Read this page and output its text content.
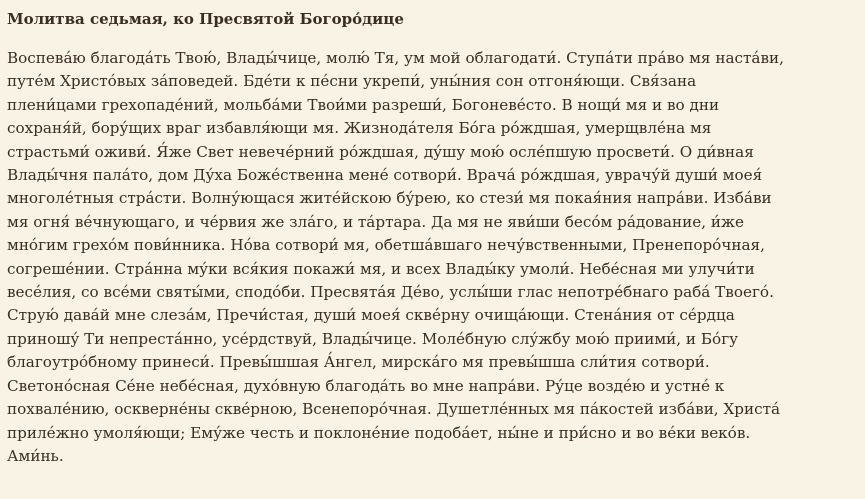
Молитва седьмая, ко Пресвятой Богоро́дице

Воспева́ю благода́ть Твою́, Влады́чице, молю́ Тя, ум мой облагодати́. Ступа́ти пра́во мя наста́ви,
путе́м Христо́вых за́поведей. Бде́ти к пе́сни укрепи́, уны́ния сон отгоня́ющи. Свя́зана
плени́цами грехопаде́ний, мольба́ми Твои́ми разреши́, Богоневе́сто. В нощи́ мя и во дни
сохраня́й, бору́щих враг избавля́ющи мя. Жизнода́теля Бо́га ро́ждшая, умерщвле́на мя
страстьми́ оживи́. Я́же Свет невече́рний ро́ждшая, ду́шу мою́ осле́пшую просвети́. О ди́вная
Влады́чня пала́то, дом Ду́ха Боже́ственна мене́ сотвори́. Врача́ ро́ждшая, уврачу́й души́ моея́
многоле́тныя стра́сти. Волну́ющася жите́йскою бу́рею, ко стези́ мя покая́ния напра́ви. Изба́ви
мя огня́ ве́чнующаго, и че́рвия же зла́го, и та́ртара. Да мя не яви́ши бесо́м ра́дование, и́же
мно́гим грехо́м пови́нника. Но́ва сотвори́ мя, обетша́вшаго нечу́вственными, Пренепоро́чная,
согреше́нии. Стра́нна му́ки вся́кия покажи́ мя, и всех Влады́ку умоли́. Небе́сная ми улучи́ти
весе́лия, со все́ми святы́ми, сподо́би. Пресвята́я Де́во, услы́ши глас непотре́бнаго раба́ Твоего́.
Струю́ дава́й мне слеза́м, Пречи́стая, души́ моея́ скве́рну очища́ющи. Стена́ния от се́рдца
приношу́ Ти непреста́нно, усе́рдствуй, Влады́чице. Моле́бную слу́жбу мою́ приими́, и Бо́гу
благоутро́бному принеси́. Превы́шшая А́нгел, мирска́го мя превы́шша сли́тия сотвори́.
Светоно́сная Се́не небе́сная, духо́вную благода́ть во мне напра́ви. Ру́це возде́ю и устне́ к
похвале́нию, оскверне́ны скве́рною, Всенепоро́чная. Душетле́нных мя па́костей изба́ви, Христа́
приле́жно умоля́ющи; Ему́же честь и поклоне́ние подоба́ет, ны́не и при́сно и во ве́ки веко́в.
Ами́нь.
